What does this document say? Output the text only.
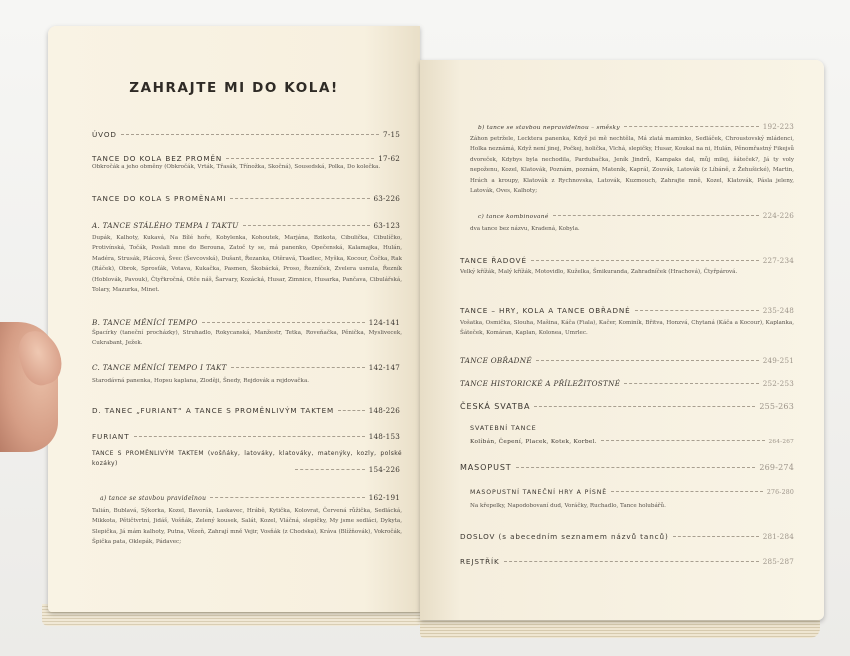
ZAHRAJTE MI DO KOLA!
ÚVOD	7-15
TANCE DO KOLA BEZ PROMĚN	17-62
Obkročák a jeho obměny (Obkročák, Vrták, Třasák, Třínožka, Skočná), Sousedská, Polka, Do kolečka.
TANCE DO KOLA S PROMĚNAMI	63-226
A. TANCE STÁLÉHO TEMPA I TAKTU	63-123
Dupák, Kalhoty, Kukavá, Na Bílé hoře, Kobylenka, Kohoutek, Marjána, Bzikota, Cibulička, Cibulíčko, Protivínská, Točák, Poslali mne do Berouna, Zatoč ty se, má panenko, Opečenská, Kalamajka, Hulán, Madéra, Strusák, Plácová, Švec (Ševcovská), Dušant, Řezanka, Otěravá, Tkadlec, Myška, Kocour, Čočka, Rak (Ráček), Obrok, Sprosťák, Votava, Kukačka, Pasmen, Škobácká, Proso, Řezníček, Zvelera usnula, Řezník (Hoblovák, Pavouk), Čtyřkročná, Otče náš, Šarvary, Kozácká, Husar, Zimnice, Husarka, Pančava, Cibulářská, Tolary, Mazurka, Minet.
B. TANCE MĚNÍCÍ TEMPO	124-141
Špacírky (taneční procházky), Struhadlo, Rokycanská, Manžestr, Tetka, Roveňačka, Pěnička, Myslivecek, Cukrabant, Ježek.
C. TANCE MĚNÍCÍ TEMPO I TAKT	142-147
Starodávná panenka, Hopsu kaplana, Zloději, Šnedy, Rejdovák a rejdovačka.
D. TANEC „FURIANT“ A TANCE S PROMĚNLIVÝM TAKTEM	148-226
FURIANT	148-153
TANCE S PROMĚNLIVÝM TAKTEM (vošňáky, latováky, klatováky, matenýky, kozly, polské kozáky)
154-226
a) tance se stavbou pravidelnou	162-191
Talián, Bublavá, Sýkorka, Kozel, Bavorák, Laskavec, Hrábě, Kytička, Kolovrat, Červená růžička, Sedlácká, Mikkota, Pětičtvrtní, Jidáš, Vošňák, Zelený kousek, Salát, Kozel, Vláčná, slepičky, My jsme sedláci, Dykyta, Slepička, Já mám kalhoty, Putna, Vězeň, Zahrají mně Vejir, Vosňák (z Chodska), Kráva (Blížňovák), Vokročák, Špička pata, Oklepák, Pádavec;
b) tance se stavbou nepravidelnou – směsky	192-223
Záhon petržele, Lecktera panenka, Když jsi mě nechtěla, Má zlatá maminko, Sedláček, Chroustovský mládenci, Holka neznámá, Když není jinej, Počkej, holička, Vlchá, slepičky, Husar, Koukal na ni, Hulán, Pěnomřastný Fikejsů dvoreček, Kdybys byla nechodila, Pardubačka, Jeník Jindrů, Kampaks dal, můj milej, šáteček?, Já ty voly nepoženu, Kozel, Klatovák, Poznám, poznám, Mateník, Kaprál, Zouvák, Latovák (z Líbáně, z Žehušické), Martin, Hrách a kroupy, Klatovák z Rychnovska, Latovák, Kuzmouch, Zahrajte mně, Kozel, Klatovák, Pásla jeleny, Latovák, Oves, Kalhoty;
c) tance kombinované	224-226
dva tance bez názvu, Kradená, Kobyla.
TANCE ŘADOVÉ	227-234
Velký křížák, Malý křížák, Motovidlo, Kuželka, Šmikuranda, Zahradníček (Hrachová), Čtyřpárová.
TANCE – HRY, KOLA A TANCE OBŘADNÉ	235-248
Vošatka, Osmička, Slouha, Mašina, Káča (Fiala), Kačer, Kominík, Břitva, Honzvá, Chytaná (Káča a Kocour), Kaplanka, Šáteček, Komáran, Kaplan, Kolonea, Umrlec.
TANCE OBŘADNÉ	249-251
TANCE HISTORICKÉ A PŘÍLEŽITOSTNÉ	252-253
ČESKÁ SVATBA	255-263
SVATEBNÍ TANCE
Kolíbán, Čepení, Placek, Kotek, Korbel.	264-267
MASOPUST	269-274
MASOPUSTNÍ TANEČNÍ HRY A PÍSNĚ	276-280
Na křepelky, Napodobovaní dud, Voráčky, Ruchadlo, Tance holubářů.
DOSLOV (s abecedním seznamem názvů tanců)	281-284
REJSTŘÍK	285-287
